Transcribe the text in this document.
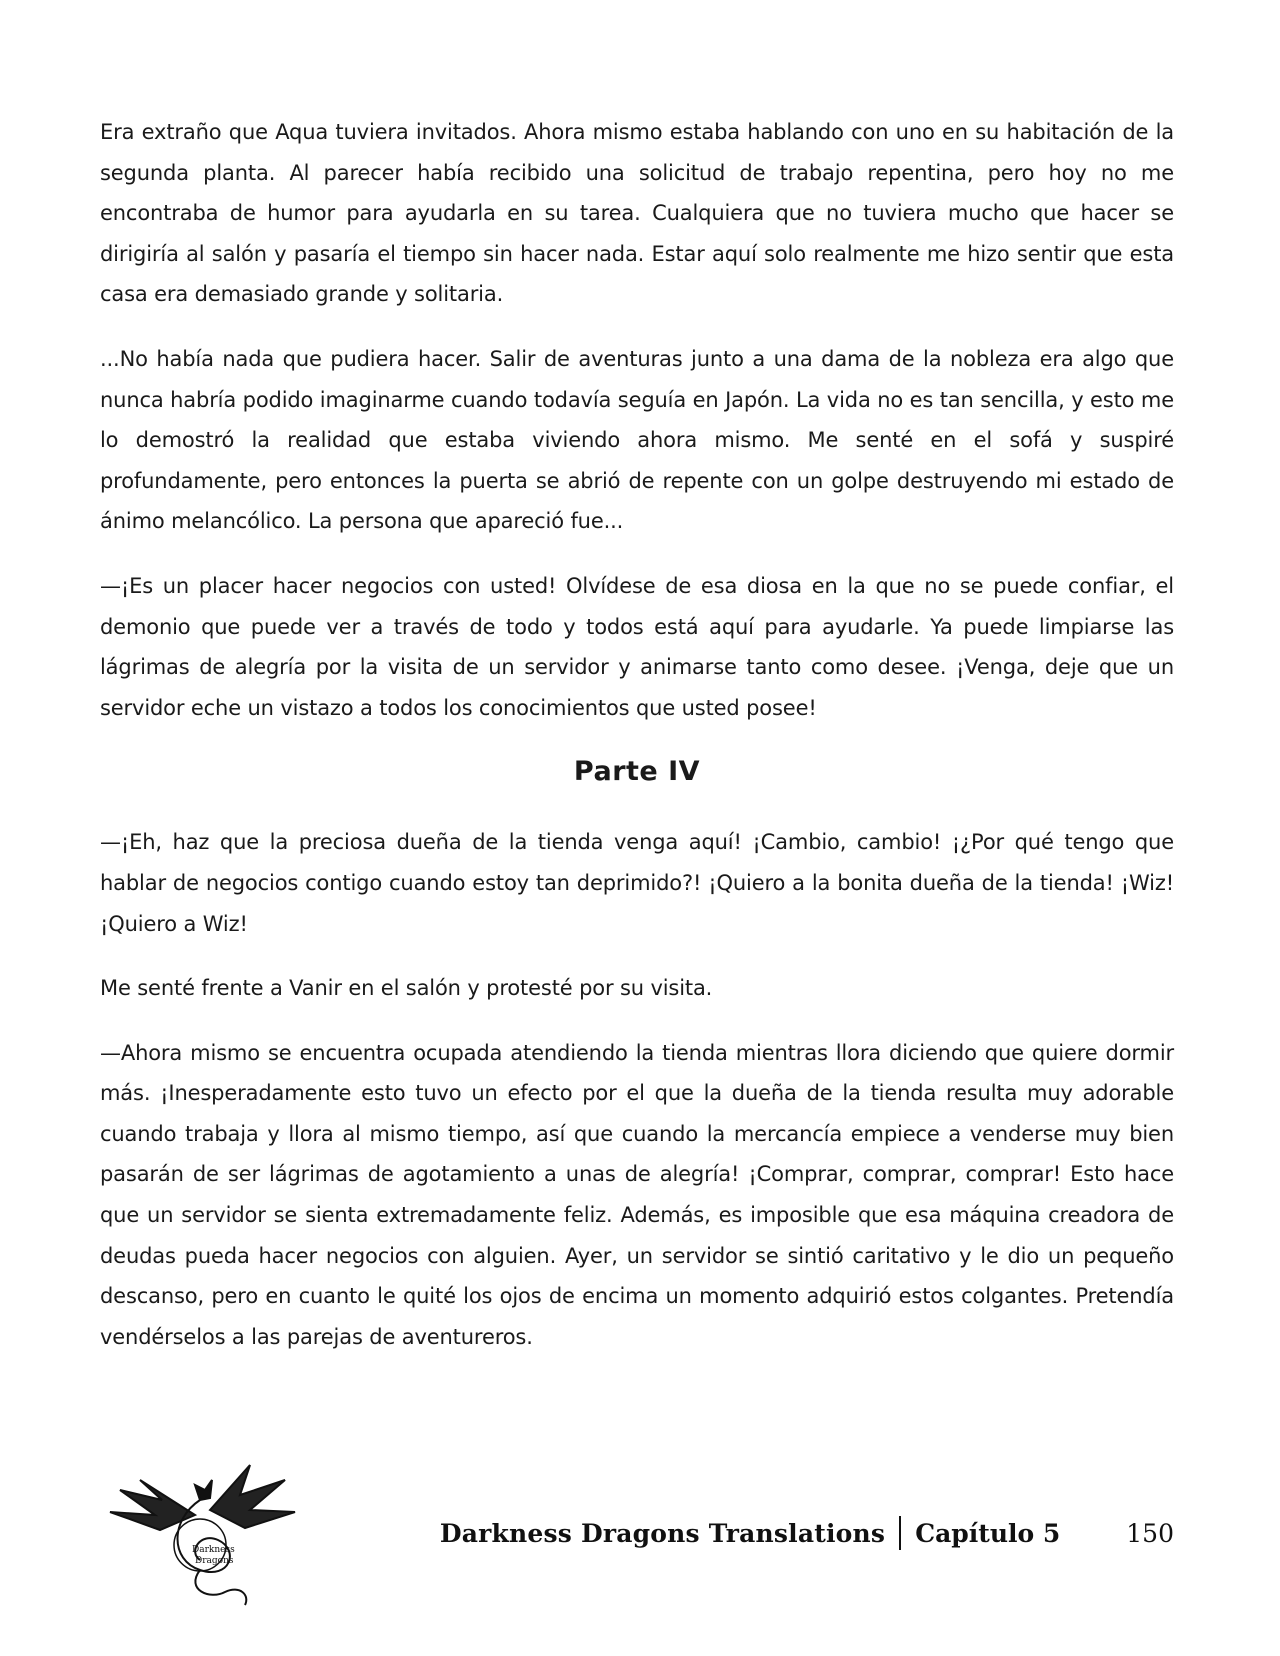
Era extraño que Aqua tuviera invitados. Ahora mismo estaba hablando con uno en su habitación de la segunda planta. Al parecer había recibido una solicitud de trabajo repentina, pero hoy no me encontraba de humor para ayudarla en su tarea. Cualquiera que no tuviera mucho que hacer se dirigiría al salón y pasaría el tiempo sin hacer nada. Estar aquí solo realmente me hizo sentir que esta casa era demasiado grande y solitaria.

...No había nada que pudiera hacer. Salir de aventuras junto a una dama de la nobleza era algo que nunca habría podido imaginarme cuando todavía seguía en Japón. La vida no es tan sencilla, y esto me lo demostró la realidad que estaba viviendo ahora mismo. Me senté en el sofá y suspiré profundamente, pero entonces la puerta se abrió de repente con un golpe destruyendo mi estado de ánimo melancólico. La persona que apareció fue...

—¡Es un placer hacer negocios con usted! Olvídese de esa diosa en la que no se puede confiar, el demonio que puede ver a través de todo y todos está aquí para ayudarle. Ya puede limpiarse las lágrimas de alegría por la visita de un servidor y animarse tanto como desee. ¡Venga, deje que un servidor eche un vistazo a todos los conocimientos que usted posee!

Parte IV

—¡Eh, haz que la preciosa dueña de la tienda venga aquí! ¡Cambio, cambio! ¡¿Por qué tengo que hablar de negocios contigo cuando estoy tan deprimido?! ¡Quiero a la bonita dueña de la tienda! ¡Wiz! ¡Quiero a Wiz!

Me senté frente a Vanir en el salón y protesté por su visita.

—Ahora mismo se encuentra ocupada atendiendo la tienda mientras llora diciendo que quiere dormir más. ¡Inesperadamente esto tuvo un efecto por el que la dueña de la tienda resulta muy adorable cuando trabaja y llora al mismo tiempo, así que cuando la mercancía empiece a venderse muy bien pasarán de ser lágrimas de agotamiento a unas de alegría! ¡Comprar, comprar, comprar! Esto hace que un servidor se sienta extremadamente feliz. Además, es imposible que esa máquina creadora de deudas pueda hacer negocios con alguien. Ayer, un servidor se sintió caritativo y le dio un pequeño descanso, pero en cuanto le quité los ojos de encima un momento adquirió estos colgantes. Pretendía vendérselos a las parejas de aventureros.

Darkness
Dragons
Darkness Dragons Translations Capítulo 5	150
